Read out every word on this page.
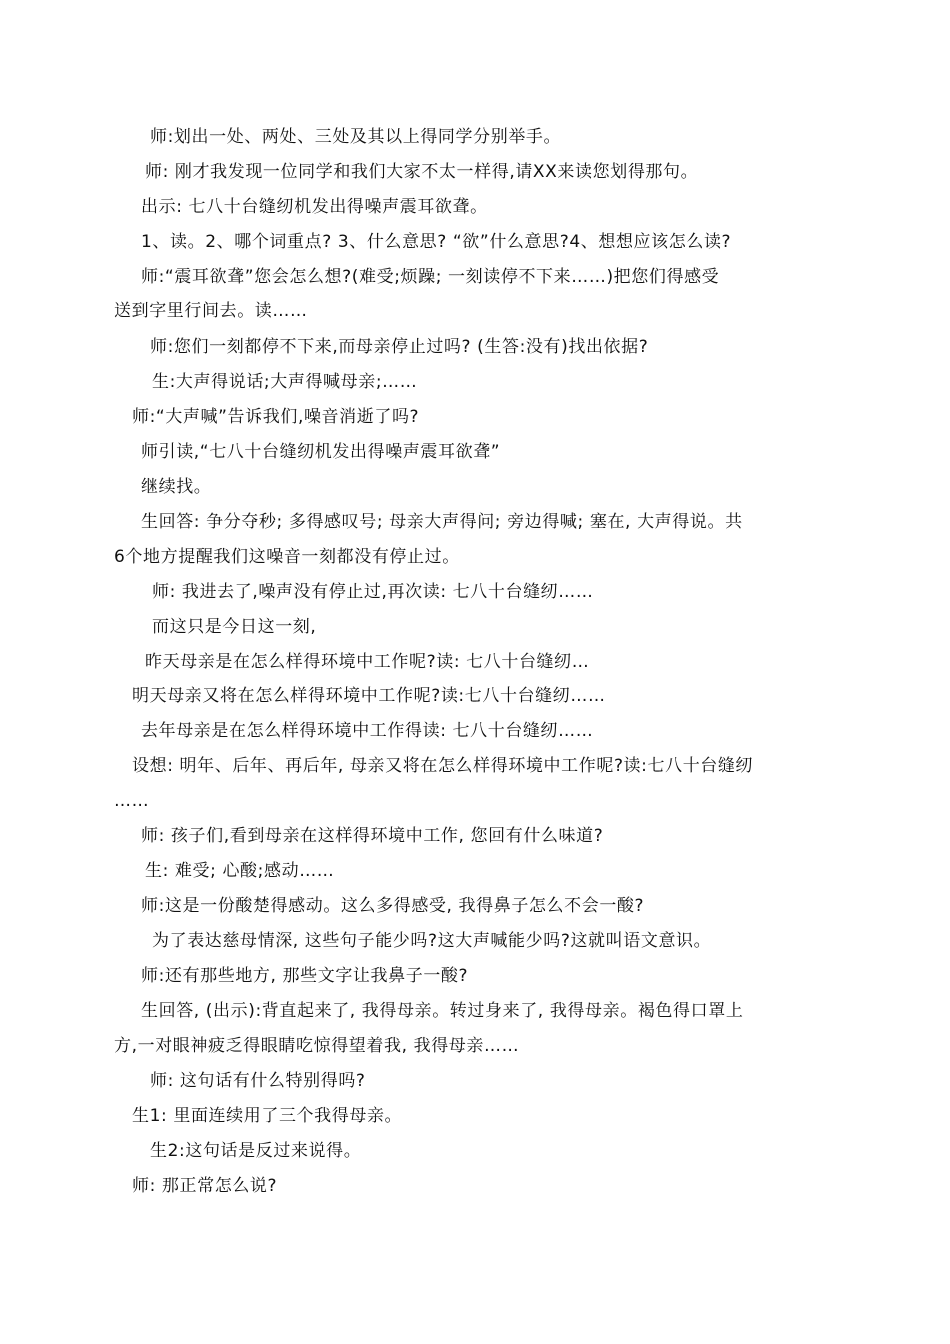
师:划出一处、两处、三处及其以上得同学分别举手。
师: 刚才我发现一位同学和我们大家不太一样得,请XX来读您划得那句。
出示: 七八十台缝纫机发出得噪声震耳欲聋。
1、读。2、哪个词重点? 3、什么意思? “欲”什么意思?4、想想应该怎么读?
师:“震耳欲聋”您会怎么想?(难受;烦躁; 一刻读停不下来……)把您们得感受
送到字里行间去。读……
师:您们一刻都停不下来,而母亲停止过吗? (生答:没有)找出依据?
生:大声得说话;大声得喊母亲;……
师:“大声喊”告诉我们,噪音消逝了吗?
师引读,“七八十台缝纫机发出得噪声震耳欲聋”
继续找。
生回答: 争分夺秒; 多得感叹号; 母亲大声得问; 旁边得喊; 塞在, 大声得说。共
6个地方提醒我们这噪音一刻都没有停止过。
师: 我进去了,噪声没有停止过,再次读: 七八十台缝纫……
而这只是今日这一刻,
昨天母亲是在怎么样得环境中工作呢?读: 七八十台缝纫…
明天母亲又将在怎么样得环境中工作呢?读:七八十台缝纫……
去年母亲是在怎么样得环境中工作得读: 七八十台缝纫……
设想: 明年、后年、再后年, 母亲又将在怎么样得环境中工作呢?读:七八十台缝纫
……
师: 孩子们,看到母亲在这样得环境中工作, 您回有什么味道?
生: 难受; 心酸;感动……
师:这是一份酸楚得感动。这么多得感受, 我得鼻子怎么不会一酸?
为了表达慈母情深, 这些句子能少吗?这大声喊能少吗?这就叫语文意识。
师:还有那些地方, 那些文字让我鼻子一酸?
生回答, (出示):背直起来了, 我得母亲。转过身来了, 我得母亲。褐色得口罩上
方,一对眼神疲乏得眼睛吃惊得望着我, 我得母亲……
师: 这句话有什么特别得吗?
生1: 里面连续用了三个我得母亲。
生2:这句话是反过来说得。
师: 那正常怎么说?
